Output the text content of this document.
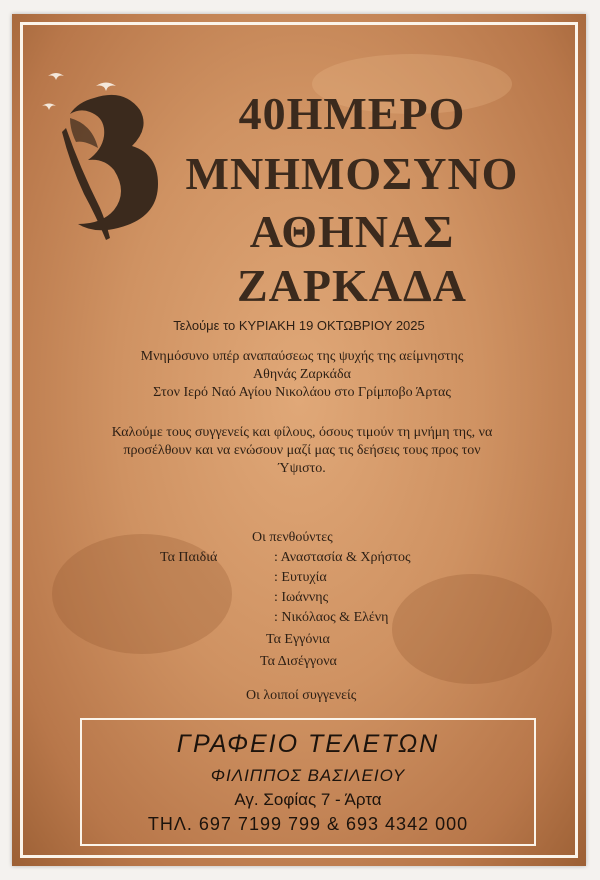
40ΗΜΕΡΟ
ΜΝΗΜΟΣΥΝΟ
ΑΘΗΝΑΣ
ΖΑΡΚΑΔΑ
Τελούμε το ΚΥΡΙΑΚΗ 19 ΟΚΤΩΒΡΙΟΥ 2025
Μνημόσυνο υπέρ αναπαύσεως της ψυχής της αείμνηστης
Αθηνάς Ζαρκάδα
Στον Ιερό Ναό Αγίου Νικολάου στο Γρίμποβο Άρτας
Καλούμε τους συγγενείς και φίλους, όσους τιμούν τη μνήμη της, να
προσέλθουν και να ενώσουν μαζί μας τις δεήσεις τους προς τον
Ύψιστο.
Οι πενθούντες
Τα Παιδιά	: Αναστασία & Χρήστος
: Ευτυχία
: Ιωάννης
: Νικόλαος & Ελένη
Τα Εγγόνια
Τα Δισέγγονα
Οι λοιποί συγγενείς
ΓΡΑΦΕΙΟ ΤΕΛΕΤΩΝ
ΦΙΛΙΠΠΟΣ ΒΑΣΙΛΕΙΟΥ
Αγ. Σοφίας 7 - Άρτα
ΤΗΛ. 697 7199 799 & 693 4342 000
